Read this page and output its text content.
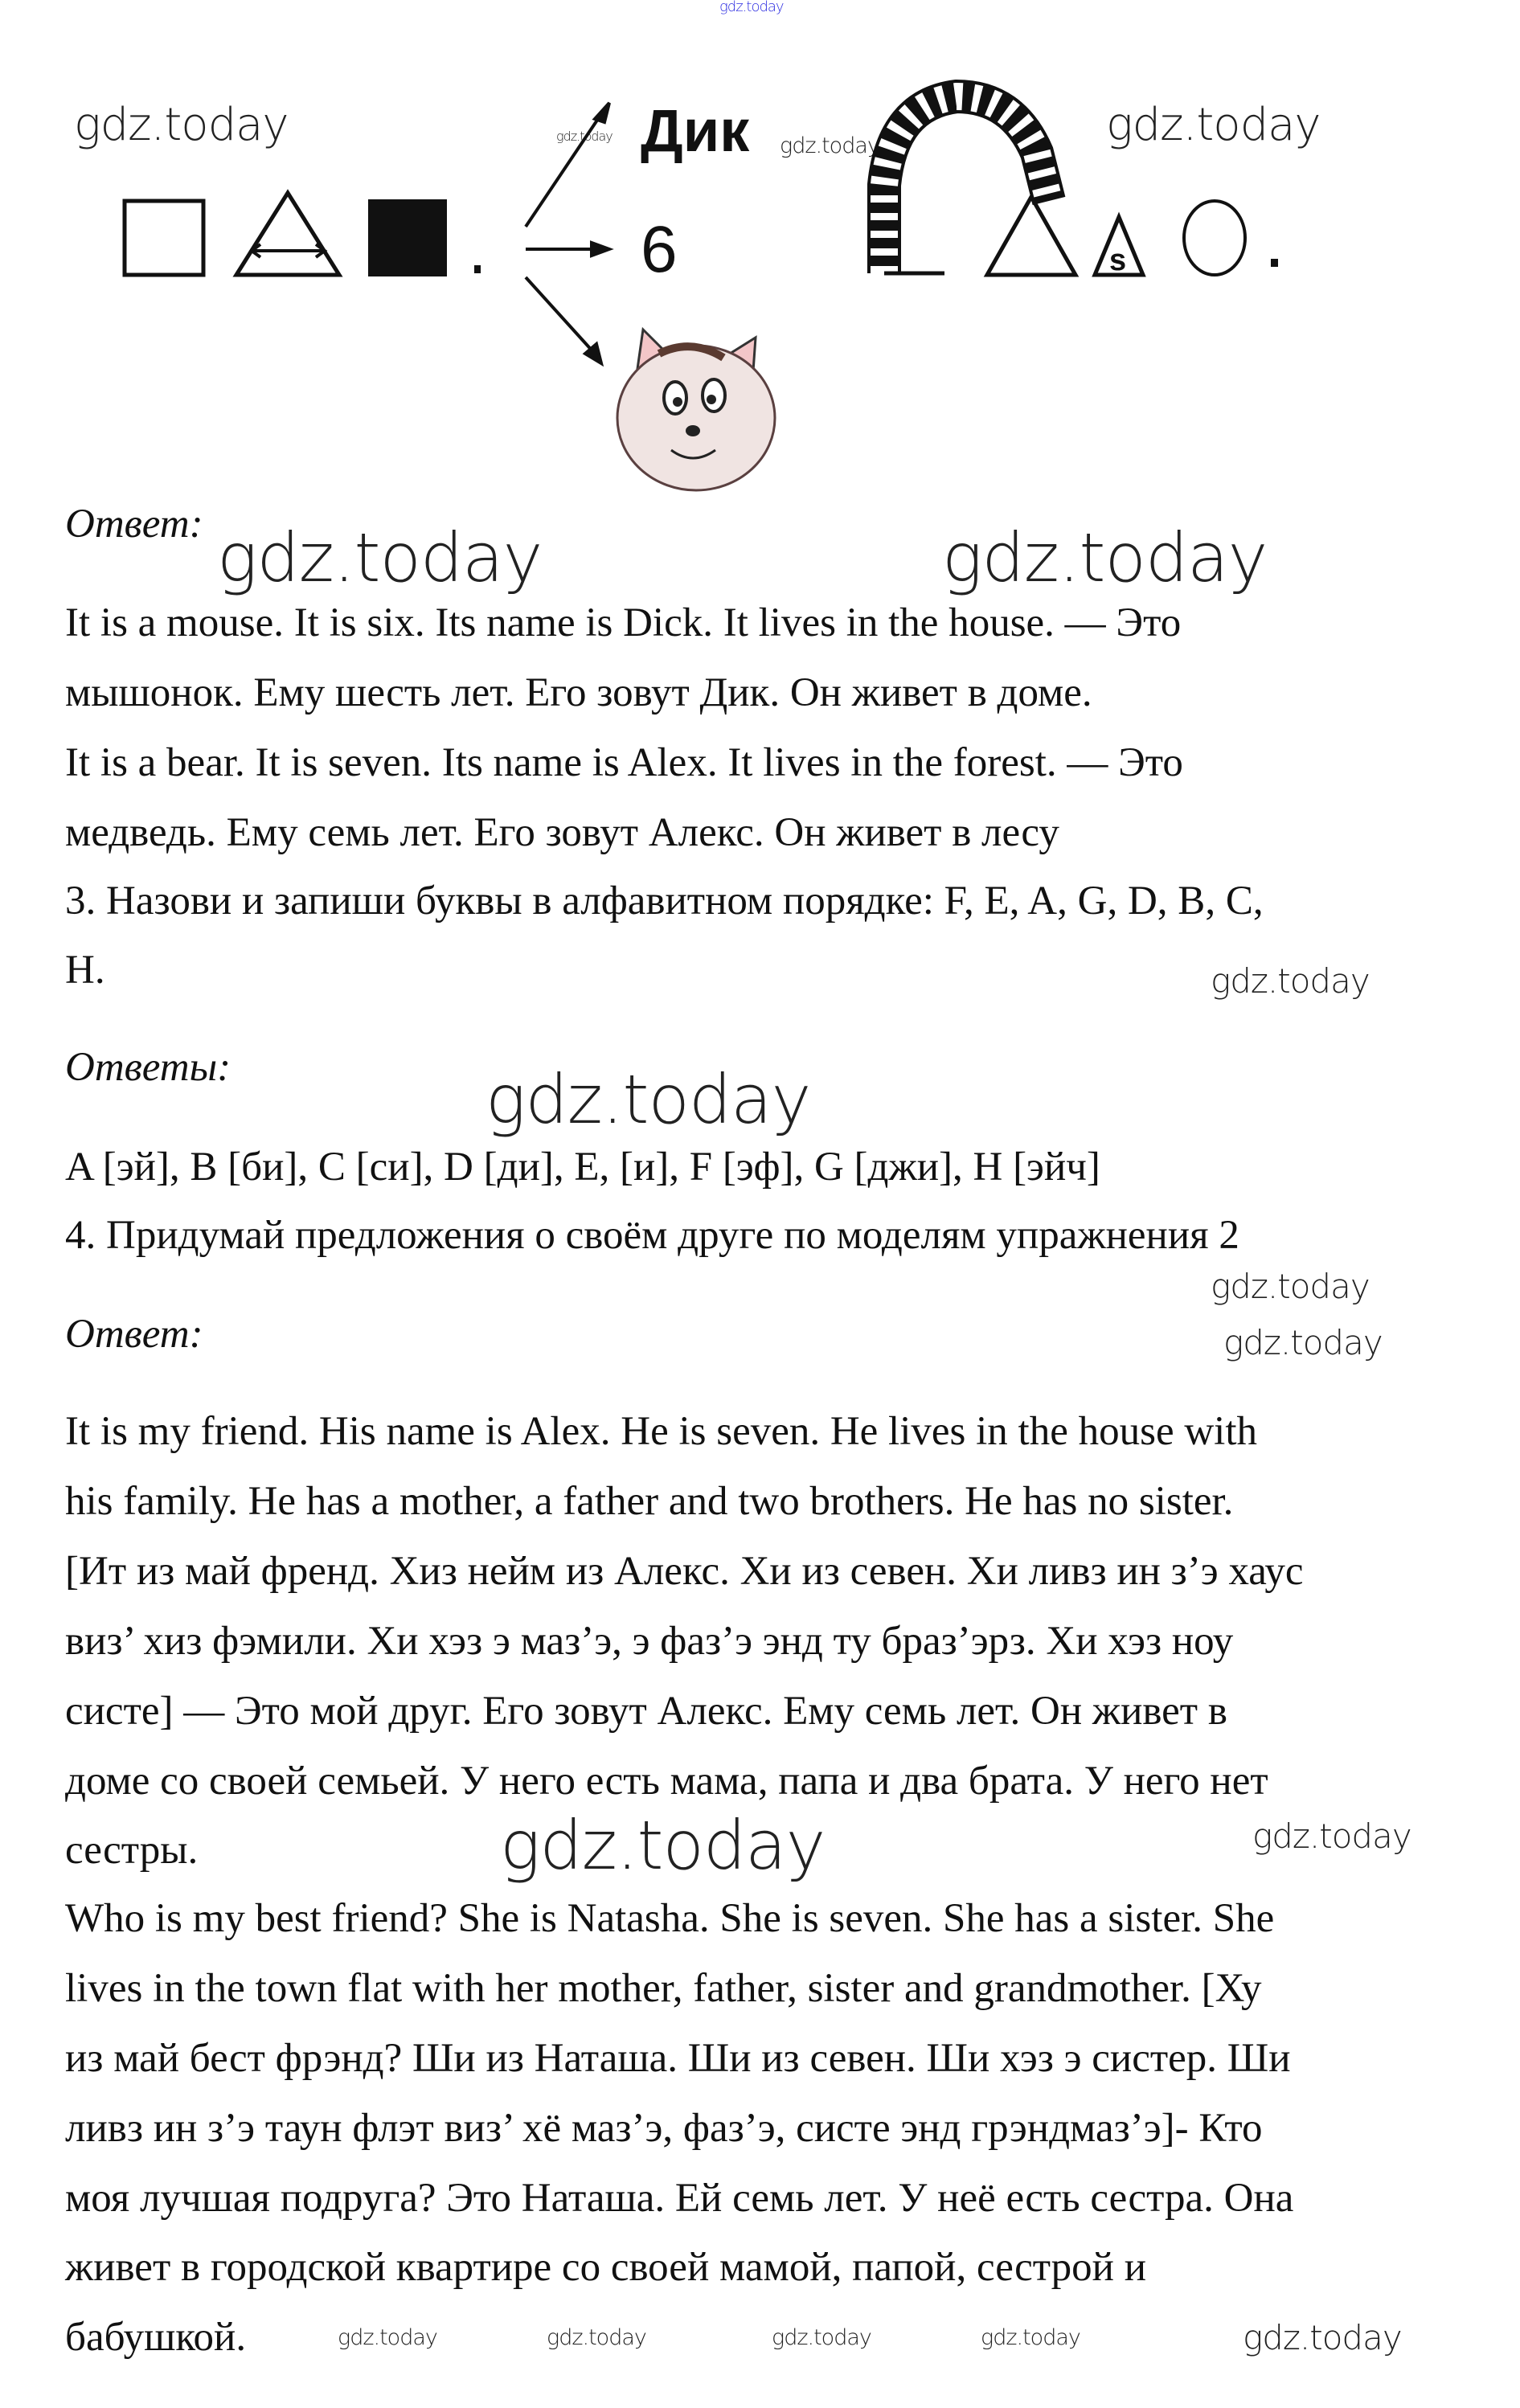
gdz.today
gdz.today	gdz.today
gdz.today
gdz.today
6
Дик
s
Ответ: gdz.today	gdz.today
It is a mouse. It is six. Its name is Dick. It lives in the house. — Это
мышонок. Ему шесть лет. Его зовут Дик. Он живет в доме.
It is a bear. It is seven. Its name is Alex. It lives in the forest. — Это
медведь. Ему семь лет. Его зовут Алекс. Он живет в лесу
3. Назови и запиши буквы в алфавитном порядке: F, E, A, G, D, B, C,
H.	gdz.today
Ответы:	gdz.today
A [эй], B [би], C [си], D [ди], E, [и], F [эф], G [джи], H [эйч]
4. Придумай предложения о своём друге по моделям упражнения 2
gdz.today
Ответ:	gdz.today
It is my friend. His name is Alex. He is seven. He lives in the house with
his family. He has a mother, a father and two brothers. He has no sister.
[Ит из май френд. Хиз нейм из Алекс. Хи из севен. Хи ливз ин з’э хаус
виз’ хиз фэмили. Хи хэз э маз’э, э фаз’э энд ту браз’эрз. Хи хэз ноу
систе] — Это мой друг. Его зовут Алекс. Ему семь лет. Он живет в
доме со своей семьей. У него есть мама, папа и два брата. У него нет
сестры.	gdz.today	gdz.today
Who is my best friend? She is Natasha. She is seven. She has a sister. She
lives in the town flat with her mother, father, sister and grandmother. [Ху
из май бест фрэнд? Ши из Наташа. Ши из севен. Ши хэз э систер. Ши
ливз ин з’э таун флэт виз’ хё маз’э, фаз’э, систе энд грэндмаз’э]- Кто
моя лучшая подруга? Это Наташа. Ей семь лет. У неё есть сестра. Она
живет в городской квартире со своей мамой, папой, сестрой и
бабушкой.	gdz.today	gdz.today	gdz.today	gdz.today	gdz.today
